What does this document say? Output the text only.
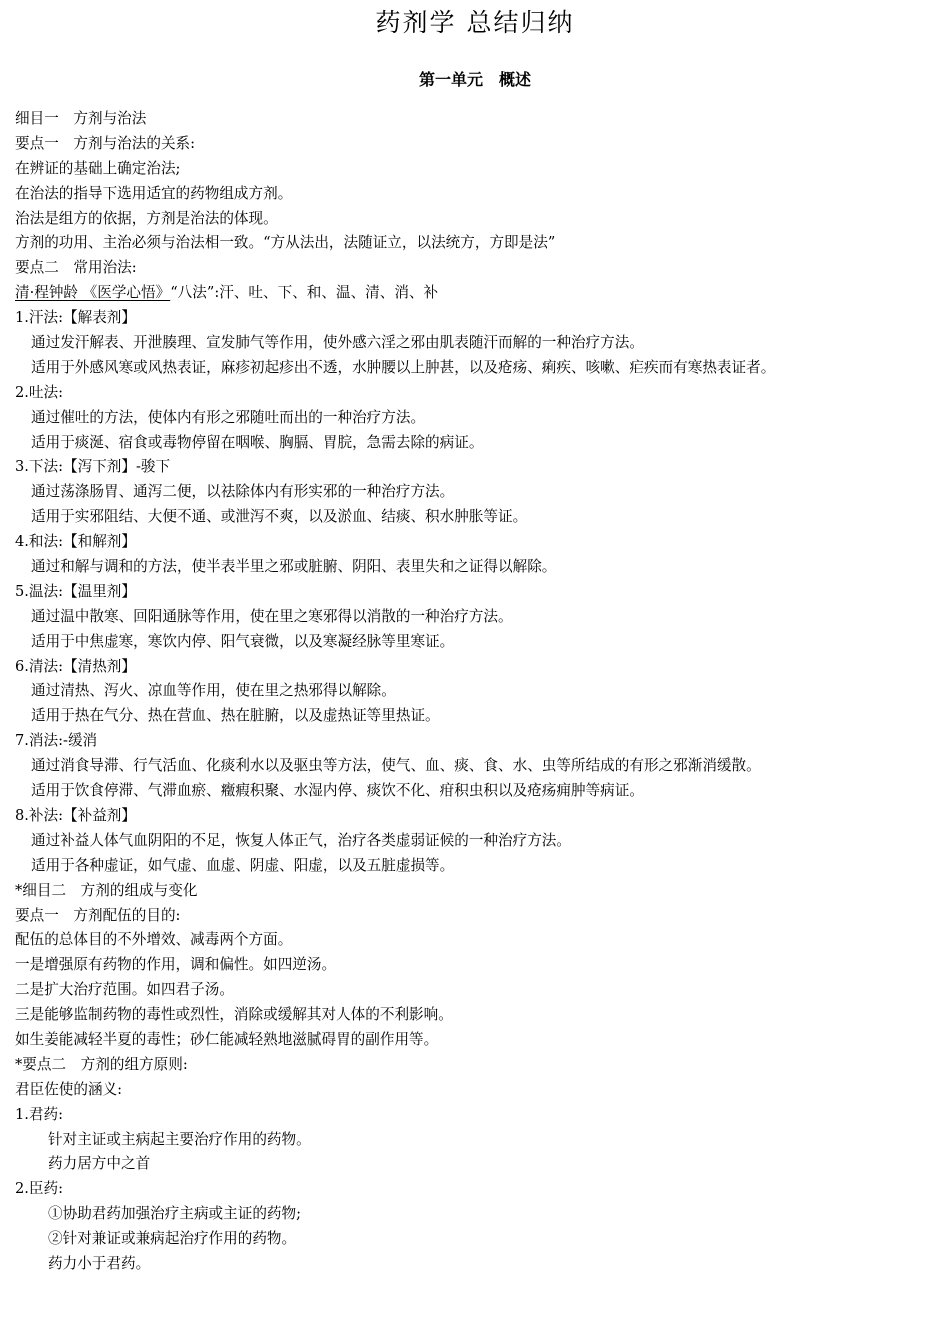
药剂学 总结归纳
第一单元　概述
细目一　方剂与治法
要点一　方剂与治法的关系:
在辨证的基础上确定治法;
在治法的指导下选用适宜的药物组成方剂。
治法是组方的依据，方剂是治法的体现。
方剂的功用、主治必须与治法相一致。“方从法出，法随证立，以法统方，方即是法”
要点二　常用治法:
清·程钟龄 《医学心悟》“八法”:汗、吐、下、和、温、清、消、补
1.汗法:【解表剂】
通过发汗解表、开泄腠理、宣发肺气等作用，使外感六淫之邪由肌表随汗而解的一种治疗方法。
适用于外感风寒或风热表证，麻疹初起疹出不透，水肿腰以上肿甚，以及疮疡、痢疾、咳嗽、疟疾而有寒热表证者。
2.吐法:
通过催吐的方法，使体内有形之邪随吐而出的一种治疗方法。
适用于痰涎、宿食或毒物停留在咽喉、胸膈、胃脘，急需去除的病证。
3.下法:【泻下剂】-骏下
通过荡涤肠胃、通泻二便，以祛除体内有形实邪的一种治疗方法。
适用于实邪阻结、大便不通、或泄泻不爽，以及淤血、结痰、积水肿胀等证。
4.和法:【和解剂】
通过和解与调和的方法，使半表半里之邪或脏腑、阴阳、表里失和之证得以解除。
5.温法:【温里剂】
通过温中散寒、回阳通脉等作用，使在里之寒邪得以消散的一种治疗方法。
适用于中焦虚寒，寒饮内停、阳气衰微，以及寒凝经脉等里寒证。
6.清法:【清热剂】
通过清热、泻火、凉血等作用，使在里之热邪得以解除。
适用于热在气分、热在营血、热在脏腑，以及虚热证等里热证。
7.消法:-缓消
通过消食导滞、行气活血、化痰利水以及驱虫等方法，使气、血、痰、食、水、虫等所结成的有形之邪渐消缓散。
适用于饮食停滞、气滞血瘀、癥瘕积聚、水湿内停、痰饮不化、疳积虫积以及疮疡痈肿等病证。
8.补法:【补益剂】
通过补益人体气血阴阳的不足，恢复人体正气，治疗各类虚弱证候的一种治疗方法。
适用于各种虚证，如气虚、血虚、阴虚、阳虚，以及五脏虚损等。
*细目二　方剂的组成与变化
要点一　方剂配伍的目的:
配伍的总体目的不外增效、减毒两个方面。
一是增强原有药物的作用，调和偏性。如四逆汤。
二是扩大治疗范围。如四君子汤。
三是能够监制药物的毒性或烈性，消除或缓解其对人体的不利影响。
如生姜能减轻半夏的毒性；砂仁能减轻熟地滋腻碍胃的副作用等。
*要点二　方剂的组方原则:
君臣佐使的涵义:
1.君药:
针对主证或主病起主要治疗作用的药物。
药力居方中之首
2.臣药:
①协助君药加强治疗主病或主证的药物;
②针对兼证或兼病起治疗作用的药物。
药力小于君药。
